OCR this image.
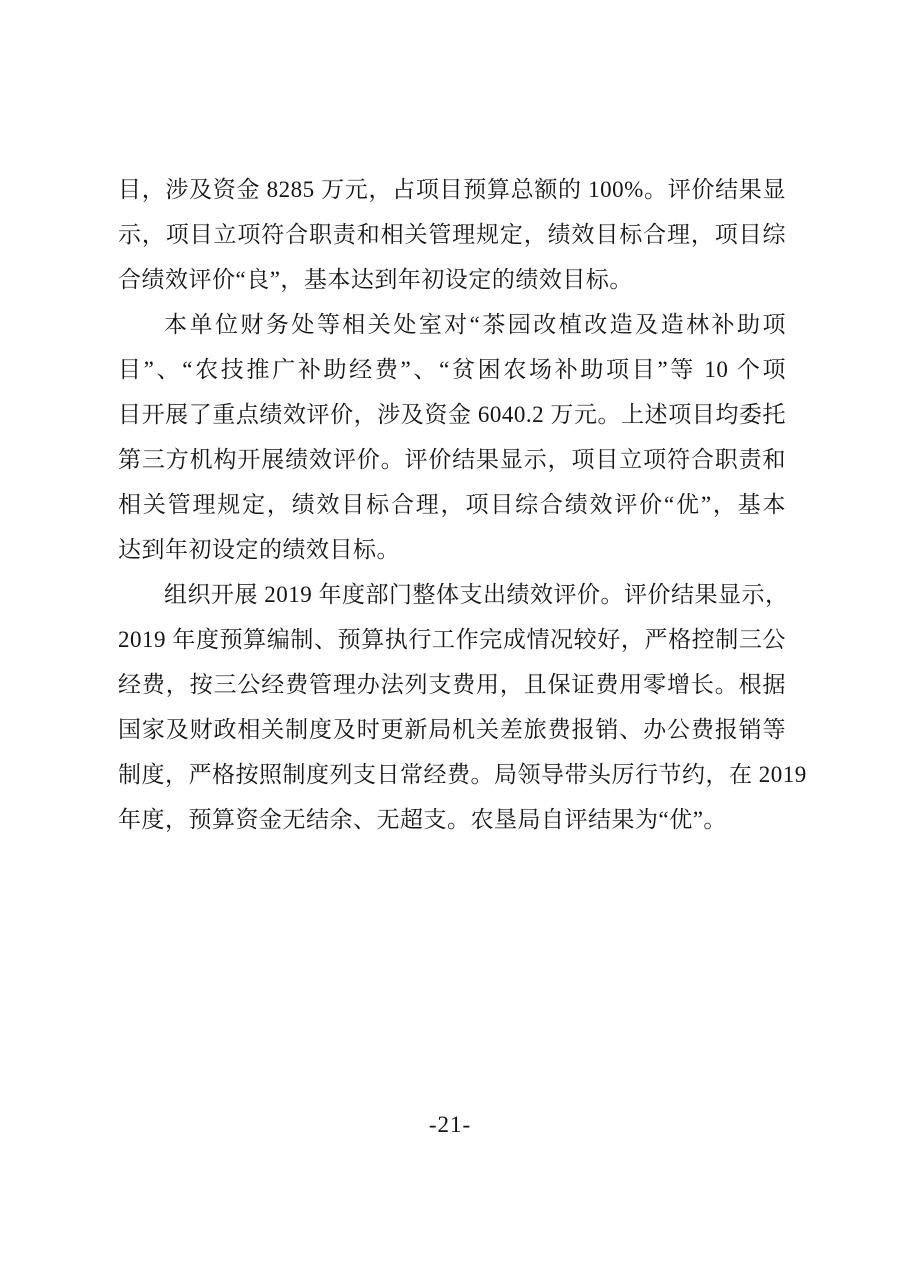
目，涉及资金 8285 万元，占项目预算总额的 100%。评价结果显
示，项目立项符合职责和相关管理规定，绩效目标合理，项目综
合绩效评价“良”，基本达到年初设定的绩效目标。
本单位财务处等相关处室对“茶园改植改造及造林补助项
目”、“农技推广补助经费”、“贫困农场补助项目”等 10 个项
目开展了重点绩效评价，涉及资金 6040.2 万元。上述项目均委托
第三方机构开展绩效评价。评价结果显示，项目立项符合职责和
相关管理规定，绩效目标合理，项目综合绩效评价“优”，基本
达到年初设定的绩效目标。
组织开展 2019 年度部门整体支出绩效评价。评价结果显示，
2019 年度预算编制、预算执行工作完成情况较好，严格控制三公
经费，按三公经费管理办法列支费用，且保证费用零增长。根据
国家及财政相关制度及时更新局机关差旅费报销、办公费报销等
制度，严格按照制度列支日常经费。局领导带头厉行节约，在 2019
年度，预算资金无结余、无超支。农垦局自评结果为“优”。
-21-
